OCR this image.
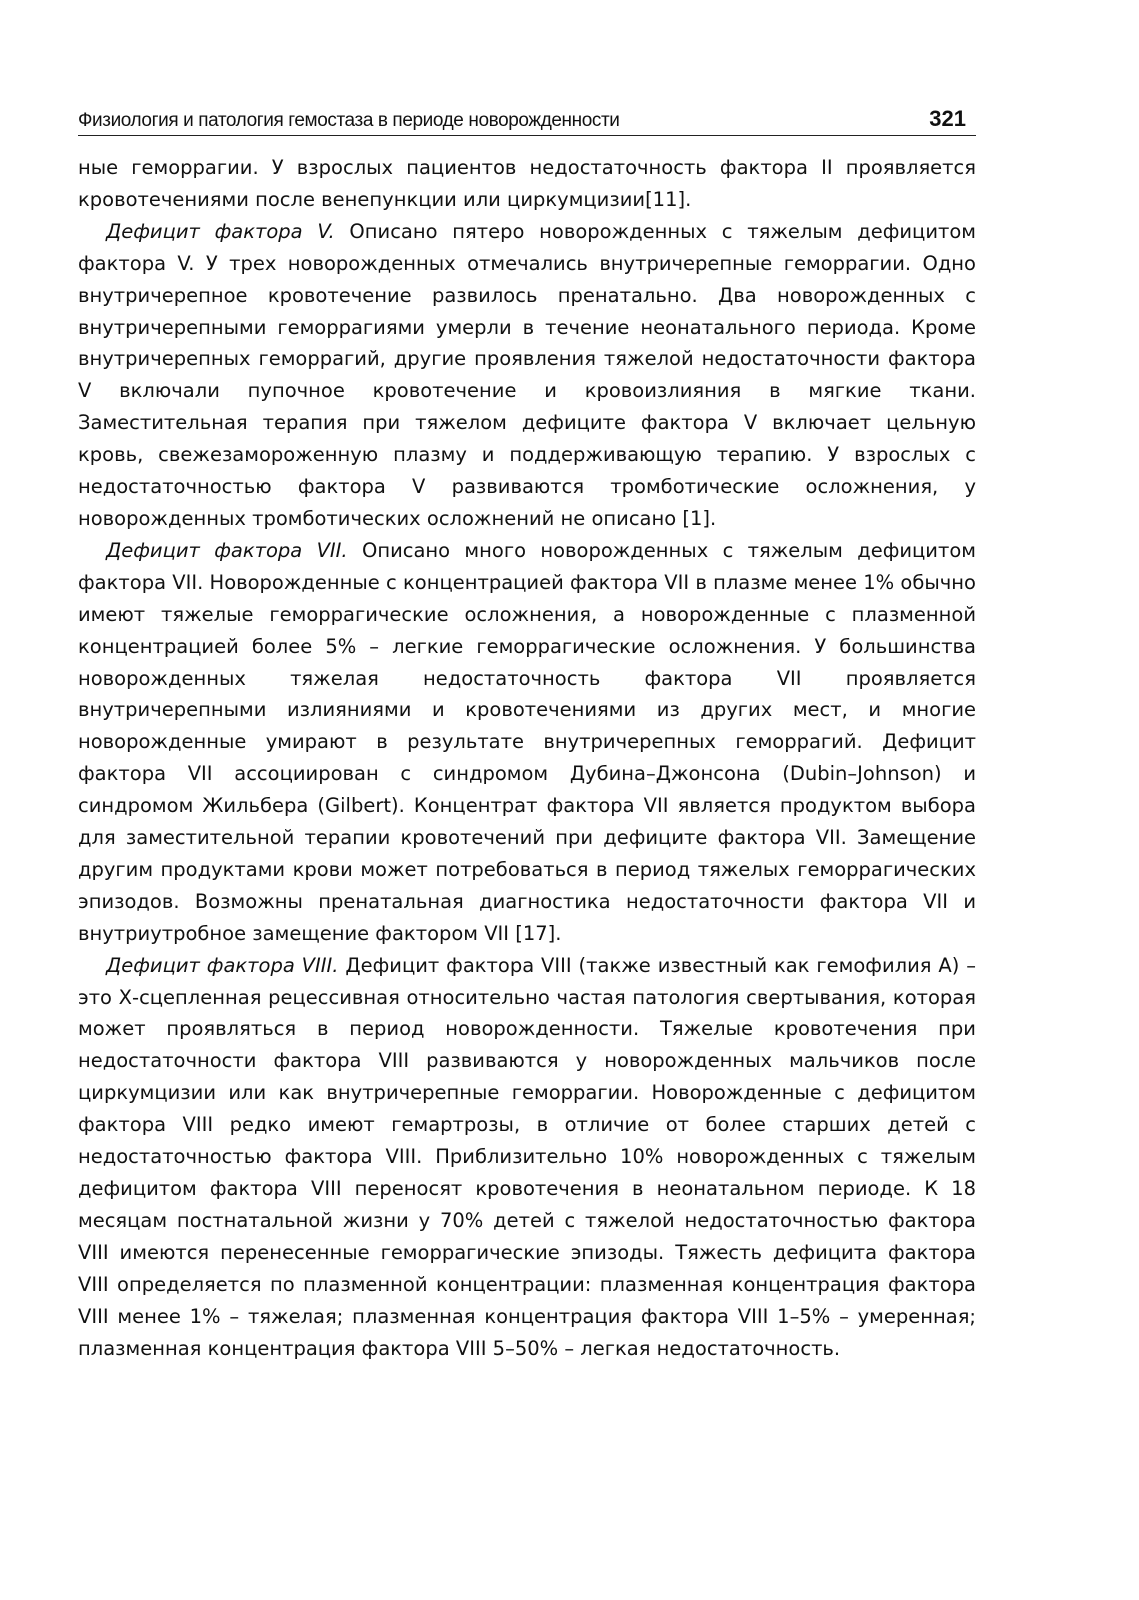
Физиология и патология гемостаза в периоде новорожденности	321

ные геморрагии. У взрослых пациентов недостаточность фактора II проявляется кровотечениями после венепункции или циркумцизии[11].

Дефицит фактора V. Описано пятеро новорожденных с тяжелым дефицитом фактора V. У трех новорожденных отмечались внутричерепные геморрагии. Одно внутричерепное кровотечение развилось пренатально. Два новорожденных с внутричерепными геморрагиями умерли в течение неонатального периода. Кроме внутричерепных геморрагий, другие проявления тяжелой недостаточности фактора V включали пупочное кровотечение и кровоизлияния в мягкие ткани. Заместительная терапия при тяжелом дефиците фактора V включает цельную кровь, свежезамороженную плазму и поддерживающую терапию. У взрослых с недостаточностью фактора V развиваются тромботические осложнения, у новорожденных тромботических осложнений не описано [1].

Дефицит фактора VII. Описано много новорожденных с тяжелым дефицитом фактора VII. Новорожденные с концентрацией фактора VII в плазме менее 1% обычно имеют тяжелые геморрагические осложнения, а новорожденные с плазменной концентрацией более 5% – легкие геморрагические осложнения. У большинства новорожденных тяжелая недостаточность фактора VII проявляется внутричерепными излияниями и кровотечениями из других мест, и многие новорожденные умирают в результате внутричерепных геморрагий. Дефицит фактора VII ассоциирован с синдромом Дубина–Джонсона (Dubin–Johnson) и синдромом Жильбера (Gilbert). Концентрат фактора VII является продуктом выбора для заместительной терапии кровотечений при дефиците фактора VII. Замещение другим продуктами крови может потребоваться в период тяжелых геморрагических эпизодов. Возможны пренатальная диагностика недостаточности фактора VII и внутриутробное замещение фактором VII [17].

Дефицит фактора VIII. Дефицит фактора VIII (также известный как гемофилия А) – это Х-сцепленная рецессивная относительно частая патология свертывания, которая может проявляться в период новорожденности. Тяжелые кровотечения при недостаточности фактора VIII развиваются у новорожденных мальчиков после циркумцизии или как внутричерепные геморрагии. Новорожденные с дефицитом фактора VIII редко имеют гемартрозы, в отличие от более старших детей с недостаточностью фактора VIII. Приблизительно 10% новорожденных с тяжелым дефицитом фактора VIII переносят кровотечения в неонатальном периоде. К 18 месяцам постнатальной жизни у 70% детей с тяжелой недостаточностью фактора VIII имеются перенесенные геморрагические эпизоды. Тяжесть дефицита фактора VIII определяется по плазменной концентрации: плазменная концентрация фактора VIII менее 1% – тяжелая; плазменная концентрация фактора VIII 1–5% – умеренная; плазменная концентрация фактора VIII 5–50% – легкая недостаточность.
